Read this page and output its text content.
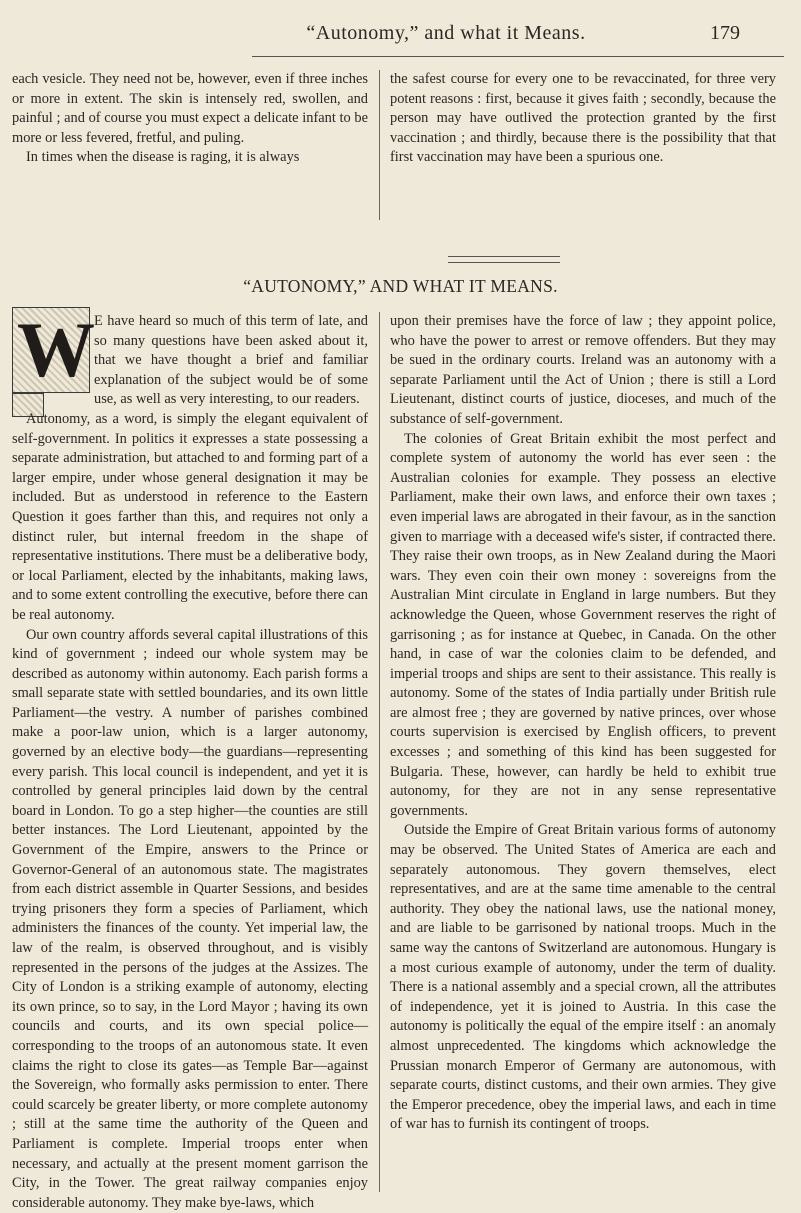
“Autonomy,” and what it Means.	179

each vesicle. They need not be, however, even if three inches or more in extent. The skin is intensely red, swollen, and painful ; and of course you must expect a delicate infant to be more or less fevered, fretful, and puling.

In times when the disease is raging, it is always

the safest course for every one to be revaccinated, for three very potent reasons : first, because it gives faith ; secondly, because the person may have outlived the protection granted by the first vaccination ; and thirdly, because there is the possibility that that first vaccination may have been a spurious one.

“AUTONOMY,” AND WHAT IT MEANS.
W E have heard so much of this term of late, and so many questions have been asked about it, that we have thought a brief and familiar explanation of the subject would be of some use, as well as very interesting, to our readers.

Autonomy, as a word, is simply the elegant equivalent of self-government. In politics it expresses a state possessing a separate administration, but attached to and forming part of a larger empire, under whose general designation it may be included. But as understood in reference to the Eastern Question it goes farther than this, and requires not only a distinct ruler, but internal freedom in the shape of representative institutions. There must be a deliberative body, or local Parliament, elected by the inhabitants, making laws, and to some extent controlling the executive, before there can be real autonomy.

Our own country affords several capital illustrations of this kind of government ; indeed our whole system may be described as autonomy within autonomy. Each parish forms a small separate state with settled boundaries, and its own little Parliament—the vestry. A number of parishes combined make a poor-law union, which is a larger autonomy, governed by an elective body—the guardians—representing every parish. This local council is independent, and yet it is controlled by general principles laid down by the central board in London. To go a step higher—the counties are still better instances. The Lord Lieutenant, appointed by the Government of the Empire, answers to the Prince or Governor-General of an autonomous state. The magistrates from each district assemble in Quarter Sessions, and besides trying prisoners they form a species of Parliament, which administers the finances of the county. Yet imperial law, the law of the realm, is observed throughout, and is visibly represented in the persons of the judges at the Assizes. The City of London is a striking example of autonomy, electing its own prince, so to say, in the Lord Mayor ; having its own councils and courts, and its own special police—corresponding to the troops of an autonomous state. It even claims the right to close its gates—as Temple Bar—against the Sovereign, who formally asks permission to enter. There could scarcely be greater liberty, or more complete autonomy ; still at the same time the authority of the Queen and Parliament is complete. Imperial troops enter when necessary, and actually at the present moment garrison the City, in the Tower. The great railway companies enjoy considerable autonomy. They make bye-laws, which

upon their premises have the force of law ; they appoint police, who have the power to arrest or remove offenders. But they may be sued in the ordinary courts. Ireland was an autonomy with a separate Parliament until the Act of Union ; there is still a Lord Lieutenant, distinct courts of justice, dioceses, and much of the substance of self-government.

The colonies of Great Britain exhibit the most perfect and complete system of autonomy the world has ever seen : the Australian colonies for example. They possess an elective Parliament, make their own laws, and enforce their own taxes ; even imperial laws are abrogated in their favour, as in the sanction given to marriage with a deceased wife's sister, if contracted there. They raise their own troops, as in New Zealand during the Maori wars. They even coin their own money : sovereigns from the Australian Mint circulate in England in large numbers. But they acknowledge the Queen, whose Government reserves the right of garrisoning ; as for instance at Quebec, in Canada. On the other hand, in case of war the colonies claim to be defended, and imperial troops and ships are sent to their assistance. This really is autonomy. Some of the states of India partially under British rule are almost free ; they are governed by native princes, over whose courts supervision is exercised by English officers, to prevent excesses ; and something of this kind has been suggested for Bulgaria. These, however, can hardly be held to exhibit true autonomy, for they are not in any sense representative governments.

Outside the Empire of Great Britain various forms of autonomy may be observed. The United States of America are each and separately autonomous. They govern themselves, elect representatives, and are at the same time amenable to the central authority. They obey the national laws, use the national money, and are liable to be garrisoned by national troops. Much in the same way the cantons of Switzerland are autonomous. Hungary is a most curious example of autonomy, under the term of duality. There is a national assembly and a special crown, all the attributes of independence, yet it is joined to Austria. In this case the autonomy is politically the equal of the empire itself : an anomaly almost unprecedented. The kingdoms which acknowledge the Prussian monarch Emperor of Germany are autonomous, with separate courts, distinct customs, and their own armies. They give the Emperor precedence, obey the imperial laws, and each in time of war has to furnish its contingent of troops.
